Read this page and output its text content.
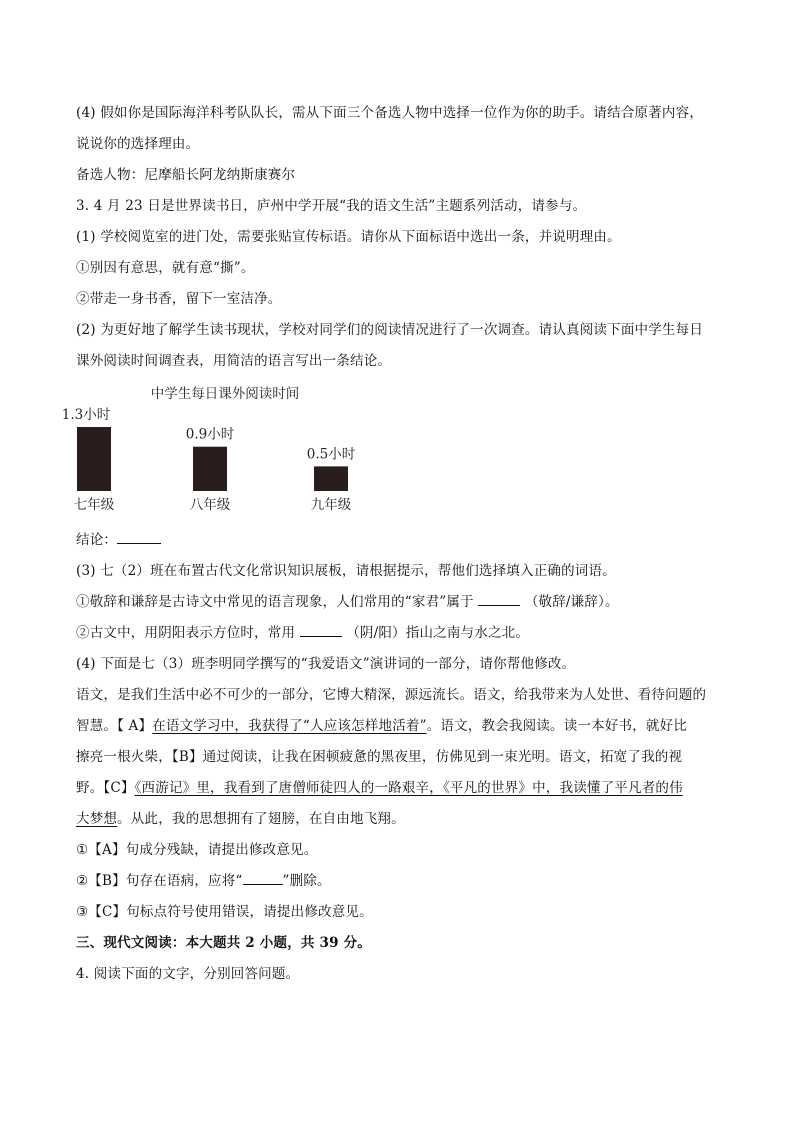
(4) 假如你是国际海洋科考队队长，需从下面三个备选人物中选择一位作为你的助手。请结合原著内容，
说说你的选择理由。
备选人物：尼摩船长阿龙纳斯康赛尔
3. 4 月 23 日是世界读书日，庐州中学开展“我的语文生活”主题系列活动，请参与。
(1) 学校阅览室的进门处，需要张贴宣传标语。请你从下面标语中选出一条，并说明理由。
①别因有意思，就有意“撕”。
②带走一身书香，留下一室洁净。
(2) 为更好地了解学生读书现状，学校对同学们的阅读情况进行了一次调查。请认真阅读下面中学生每日
课外阅读时间调查表，用简洁的语言写出一条结论。
中学生每日课外阅读时间
1.3小时
七年级
0.9小时
八年级
0.5小时
九年级
结论：
(3) 七（2）班在布置古代文化常识知识展板，请根据提示，帮他们选择填入正确的词语。
①敬辞和谦辞是古诗文中常见的语言现象，人们常用的“家君”属于	（敬辞/谦辞）。
②古文中，用阴阳表示方位时，常用	（阴/阳）指山之南与水之北。
(4) 下面是七（3）班李明同学撰写的“我爱语文”演讲词的一部分，请你帮他修改。
语文，是我们生活中必不可少的一部分，它博大精深，源远流长。语文，给我带来为人处世、看待问题的
智慧。【 A】在语文学习中，我获得了“人应该怎样地活着”。语文，教会我阅读。读一本好书，就好比
擦亮一根火柴，【B】通过阅读，让我在困顿疲惫的黑夜里，仿佛见到一束光明。语文，拓宽了我的视
野。【C】《西游记》里，我看到了唐僧师徒四人的一路艰辛，《平凡的世界》中，我读懂了平凡者的伟
大梦想。从此，我的思想拥有了翅膀，在自由地飞翔。
①【A】句成分残缺，请提出修改意见。
②【B】句存在语病，应将“	”删除。
③【C】句标点符号使用错误，请提出修改意见。
三、现代文阅读：本大题共 2 小题，共 39 分。
4. 阅读下面的文字，分别回答问题。
